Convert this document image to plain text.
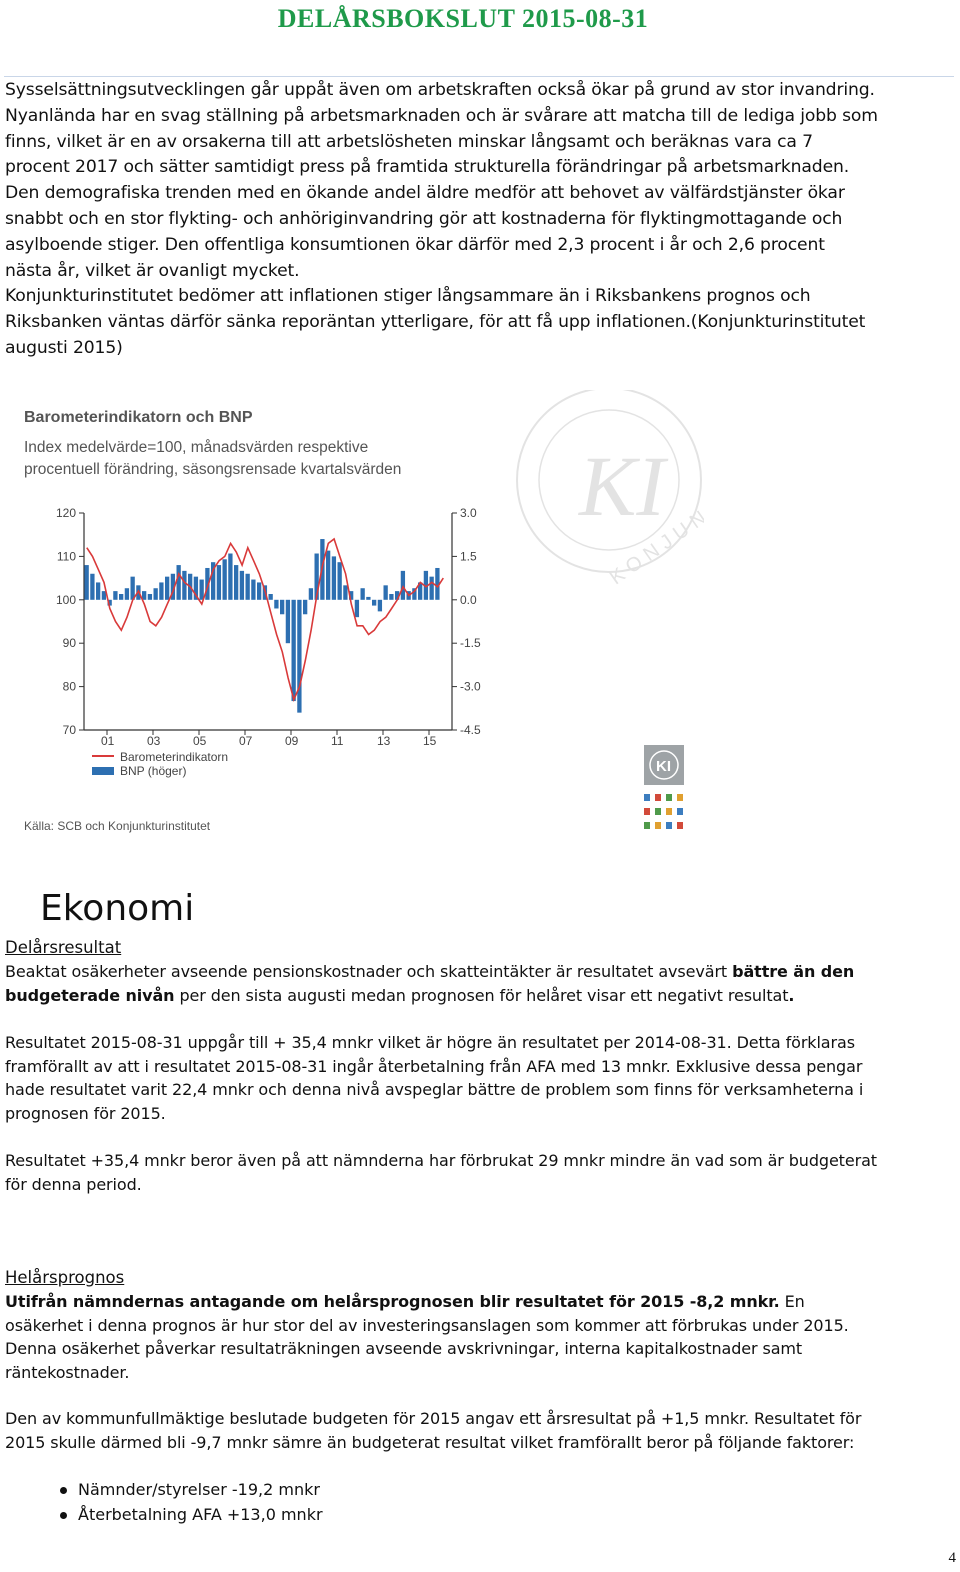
DELÅRSBOKSLUT 2015-08-31

Sysselsättningsutvecklingen går uppåt även om arbetskraften också ökar på grund av stor invandring.
Nyanlända har en svag ställning på arbetsmarknaden och är svårare att matcha till de lediga jobb som
finns, vilket är en av orsakerna till att arbetslösheten minskar långsamt och beräknas vara ca 7
procent 2017 och sätter samtidigt press på framtida strukturella förändringar på arbetsmarknaden.
Den demografiska trenden med en ökande andel äldre medför att behovet av välfärdstjänster ökar
snabbt och en stor flykting- och anhöriginvandring gör att kostnaderna för flyktingmottagande och
asylboende stiger. Den offentliga konsumtionen ökar därför med 2,3 procent i år och 2,6 procent
nästa år, vilket är ovanligt mycket.
Konjunkturinstitutet bedömer att inflationen stiger långsammare än i Riksbankens prognos och
Riksbanken väntas därför sänka reporäntan ytterligare, för att få upp inflationen.(Konjunkturinstitutet
augusti 2015)

KI
KONJUNKTUR
Barometerindikatorn och BNP
Index medelvärde=100, månadsvärden respektive
procentuell förändring, säsongsrensade kvartalsvärden
120
110
100
90
80
70
3.0
1.5
0.0
-1.5
-3.0
-4.5
01	03	05	07	09	11	13	15
Barometerindikatorn
BNP (höger)
Källa: SCB och Konjunkturinstitutet
KI
Ekonomi
Delårsresultat

Beaktat osäkerheter avseende pensionskostnader och skatteintäkter är resultatet avsevärt bättre än den
budgeterade nivån per den sista augusti medan prognosen för helåret visar ett negativt resultat.

Resultatet 2015-08-31 uppgår till + 35,4 mnkr vilket är högre än resultatet per 2014-08-31. Detta förklaras
framförallt av att i resultatet 2015-08-31 ingår återbetalning från AFA med 13 mnkr. Exklusive dessa pengar
hade resultatet varit 22,4 mnkr och denna nivå avspeglar bättre de problem som finns för verksamheterna i
prognosen för 2015.

Resultatet +35,4 mnkr beror även på att nämnderna har förbrukat 29 mnkr mindre än vad som är budgeterat
för denna period.

Helårsprognos

Utifrån nämndernas antagande om helårsprognosen blir resultatet för 2015 -8,2 mnkr. En
osäkerhet i denna prognos är hur stor del av investeringsanslagen som kommer att förbrukas under 2015.
Denna osäkerhet påverkar resultaträkningen avseende avskrivningar, interna kapitalkostnader samt
räntekostnader.

Den av kommunfullmäktige beslutade budgeten för 2015 angav ett årsresultat på +1,5 mnkr. Resultatet för
2015 skulle därmed bli -9,7 mnkr sämre än budgeterat resultat vilket framförallt beror på följande faktorer:

Nämnder/styrelser -19,2 mnkr
Återbetalning AFA +13,0 mnkr
4
